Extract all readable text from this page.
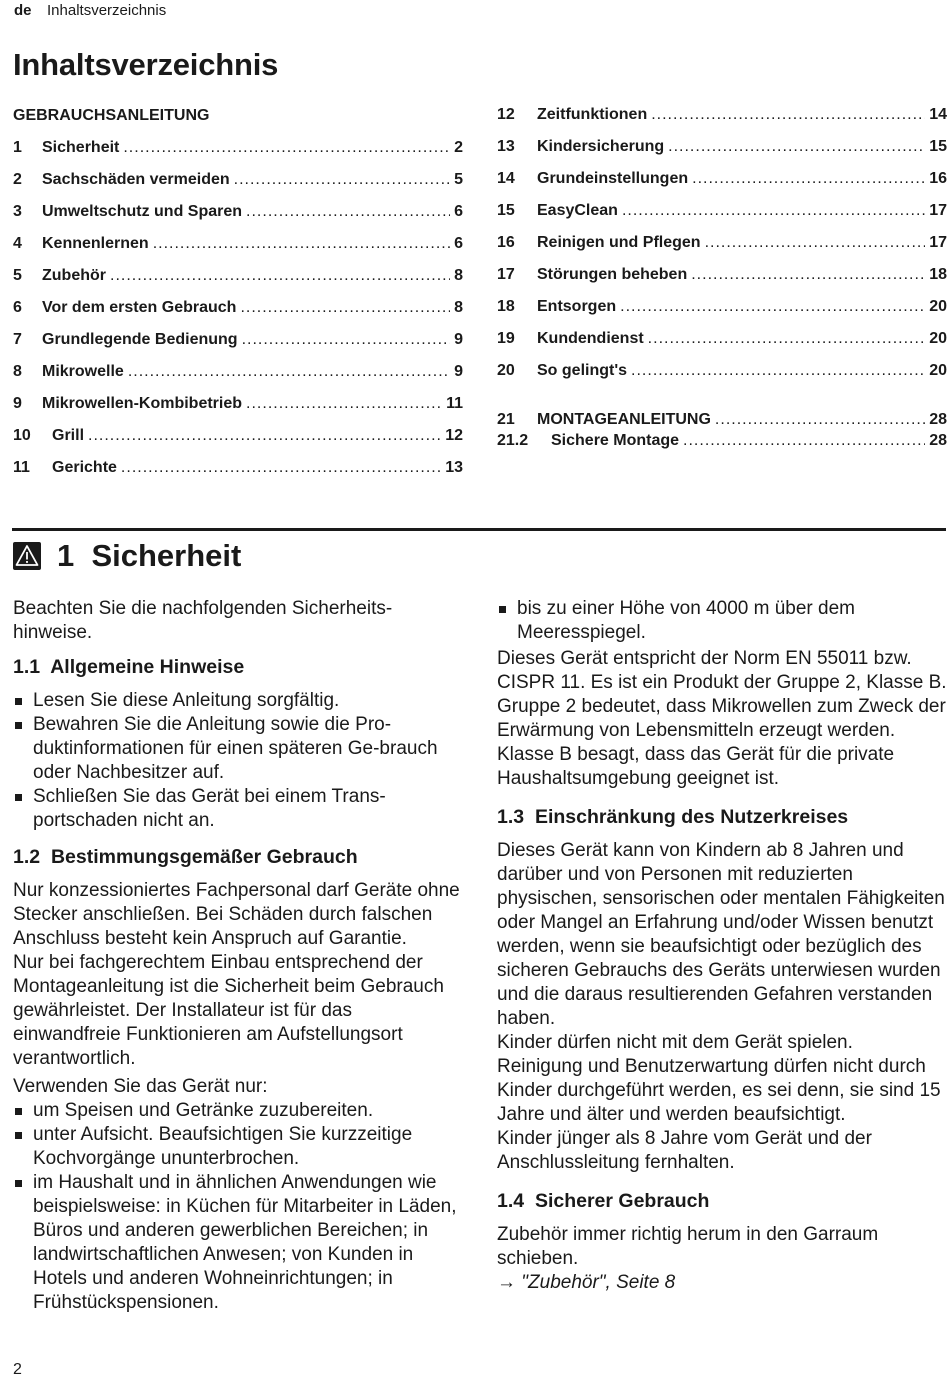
de Inhaltsverzeichnis
Inhaltsverzeichnis
GEBRAUCHSANLEITUNG
1	Sicherheit .....	2
2	Sachschäden vermeiden .....	5
3	Umweltschutz und Sparen .....	6
4	Kennenlernen .....	6
5	Zubehör .....	8
6	Vor dem ersten Gebrauch .....	8
7	Grundlegende Bedienung .....	9
8	Mikrowelle .....	9
9	Mikrowellen-Kombibetrieb .....	11
10	Grill .....	12
11	Gerichte .....	13
12	Zeitfunktionen .....	14
13	Kindersicherung .....	15
14	Grundeinstellungen .....	16
15	EasyClean .....	17
16	Reinigen und Pflegen .....	17
17	Störungen beheben .....	18
18	Entsorgen .....	20
19	Kundendienst .....	20
20	So gelingt's .....	20
21	MONTAGEANLEITUNG .....	28
21.2	Sichere Montage .....	28
1  Sicherheit

Beachten Sie die nachfolgenden Sicherheits-hinweise.

1.1  Allgemeine Hinweise
Lesen Sie diese Anleitung sorgfältig.
Bewahren Sie die Anleitung sowie die Pro-duktinformationen für einen späteren Ge-brauch oder Nachbesitzer auf.
Schließen Sie das Gerät bei einem Trans-portschaden nicht an.
1.2  Bestimmungsgemäßer Gebrauch

Nur konzessioniertes Fachpersonal darf Geräte ohne Stecker anschließen. Bei Schäden durch falschen Anschluss besteht kein Anspruch auf Garantie.

Nur bei fachgerechtem Einbau entsprechend der Montageanleitung ist die Sicherheit beim Gebrauch gewährleistet. Der Installateur ist für das einwandfreie Funktionieren am Aufstellungsort verantwortlich.

Verwenden Sie das Gerät nur:

um Speisen und Getränke zuzubereiten.
unter Aufsicht. Beaufsichtigen Sie kurzzeitige Kochvorgänge ununterbrochen.
im Haushalt und in ähnlichen Anwendungen wie beispielsweise: in Küchen für Mitarbeiter in Läden, Büros und anderen gewerblichen Bereichen; in landwirtschaftlichen Anwesen; von Kunden in Hotels und anderen Wohneinrichtungen; in Frühstückspensionen.
bis zu einer Höhe von 4000 m über dem Meeresspiegel.

Dieses Gerät entspricht der Norm EN 55011 bzw. CISPR 11. Es ist ein Produkt der Gruppe 2, Klasse B. Gruppe 2 bedeutet, dass Mikrowellen zum Zweck der Erwärmung von Lebensmitteln erzeugt werden. Klasse B besagt, dass das Gerät für die private Haushaltsumgebung geeignet ist.

1.3  Einschränkung des Nutzerkreises

Dieses Gerät kann von Kindern ab 8 Jahren und darüber und von Personen mit reduzierten physischen, sensorischen oder mentalen Fähigkeiten oder Mangel an Erfahrung und/oder Wissen benutzt werden, wenn sie beaufsichtigt oder bezüglich des sicheren Gebrauchs des Geräts unterwiesen wurden und die daraus resultierenden Gefahren verstanden haben.

Kinder dürfen nicht mit dem Gerät spielen.

Reinigung und Benutzerwartung dürfen nicht durch Kinder durchgeführt werden, es sei denn, sie sind 15 Jahre und älter und werden beaufsichtigt.

Kinder jünger als 8 Jahre vom Gerät und der Anschlussleitung fernhalten.

1.4  Sicherer Gebrauch

Zubehör immer richtig herum in den Garraum schieben.

→ "Zubehör", Seite 8

2
